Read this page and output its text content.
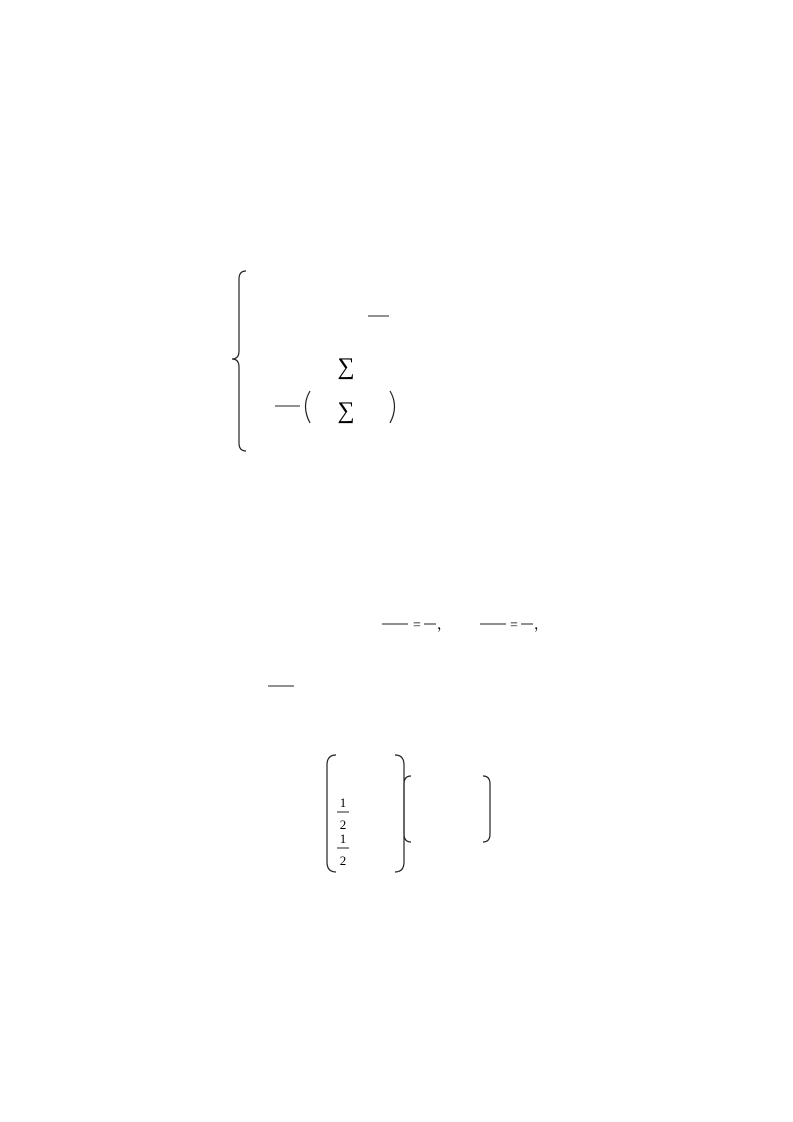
∑
∑
= ，	= ，
1
2
1
2
